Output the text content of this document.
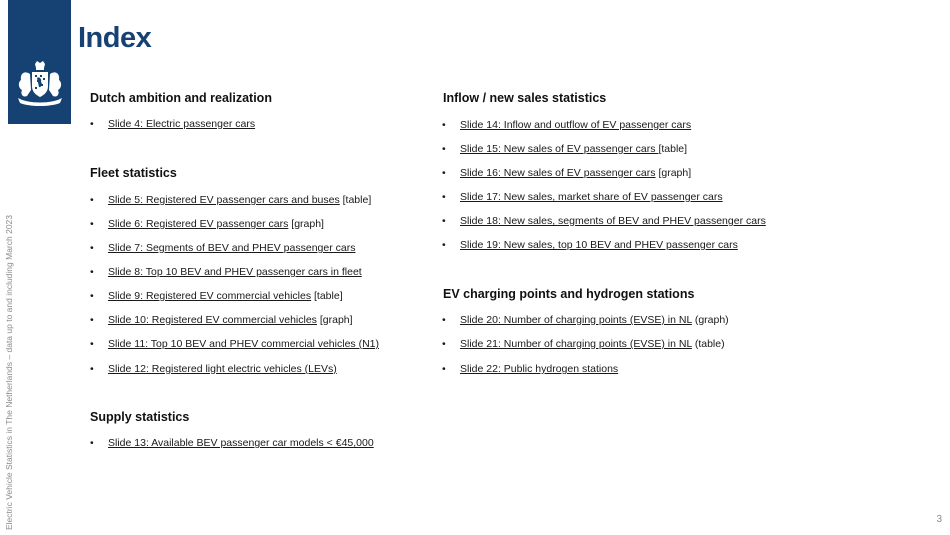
Index
Electric Vehicle Statistics in The Netherlands – data up to and including March 2023
Dutch ambition and realization
• Slide 4: Electric passenger cars
Fleet statistics
• Slide 5: Registered EV passenger cars and buses [table]
• Slide 6: Registered EV passenger cars [graph]
• Slide 7: Segments of BEV and PHEV passenger cars
• Slide 8: Top 10 BEV and PHEV passenger cars in fleet
• Slide 9: Registered EV commercial vehicles [table]
• Slide 10: Registered EV commercial vehicles [graph]
• Slide 11: Top 10 BEV and PHEV commercial vehicles (N1)
• Slide 12: Registered light electric vehicles (LEVs)
Supply statistics
• Slide 13: Available BEV passenger car models < €45,000
Inflow / new sales statistics
• Slide 14: Inflow and outflow of EV passenger cars
• Slide 15: New sales of EV passenger cars [table]
• Slide 16: New sales of EV passenger cars [graph]
• Slide 17: New sales, market share of EV passenger cars
• Slide 18: New sales, segments of BEV and PHEV passenger cars
• Slide 19: New sales, top 10 BEV and PHEV passenger cars
EV charging points and hydrogen stations
• Slide 20: Number of charging points (EVSE) in NL (graph)
• Slide 21: Number of charging points (EVSE) in NL (table)
• Slide 22: Public hydrogen stations
3
